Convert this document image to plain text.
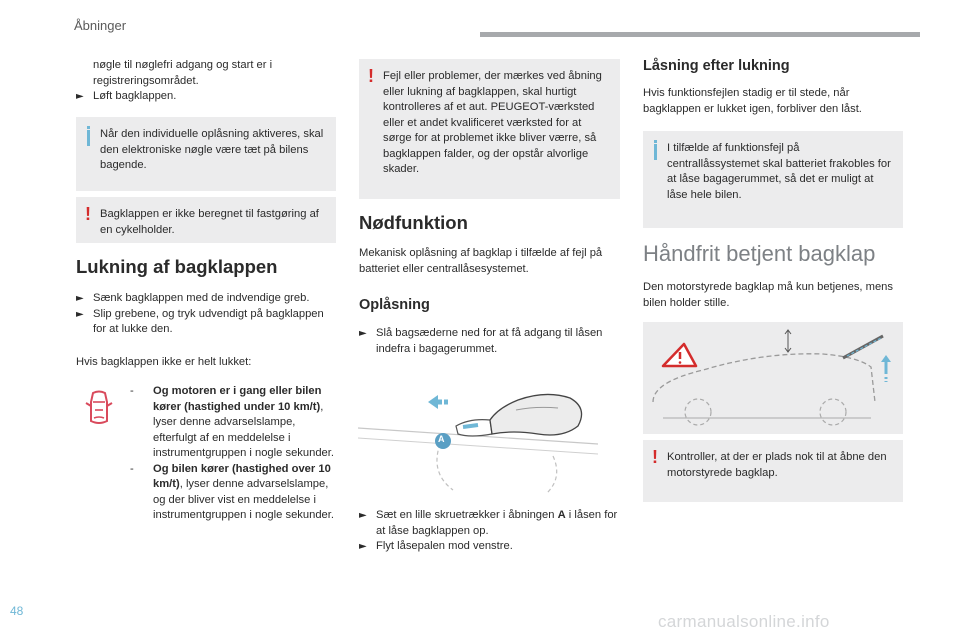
Åbninger

nøgle til nøglefri adgang og start er i

registreringsområdet.

► Løft bagklappen.
Når den individuelle oplåsning aktiveres, skal den elektroniske nøgle være tæt på bilens bagende.
! Bagklappen er ikke beregnet til fastgøring af en cykelholder.
Lukning af bagklappen
► Sænk bagklappen med de indvendige greb.
► Slip grebene, og tryk udvendigt på bagklappen for at lukke den.

Hvis bagklappen ikke er helt lukket:

- Og motoren er i gang eller bilen kører (hastighed under 10 km/t), lyser denne advarselslampe, efterfulgt af en meddelelse i instrumentgruppen i nogle sekunder.
- Og bilen kører (hastighed over 10 km/t), lyser denne advarselslampe, og der bliver vist en meddelelse i instrumentgruppen i nogle sekunder.
! Fejl eller problemer, der mærkes ved åbning eller lukning af bagklappen, skal hurtigt kontrolleres af et aut. PEUGEOT-værksted eller et andet kvalificeret værksted for at sørge for at problemet ikke bliver værre, så bagklappen falder, og der opstår alvorlige skader.
Nødfunktion

Mekanisk oplåsning af bagklap i tilfælde af fejl på batteriet eller centrallåsesystemet.

Oplåsning
► Slå bagsæderne ned for at få adgang til låsen indefra i bagagerummet.
A
► Sæt en lille skruetrækker i åbningen A i låsen for at låse bagklappen op.
► Flyt låsepalen mod venstre.
Låsning efter lukning

Hvis funktionsfejlen stadig er til stede, når bagklappen er lukket igen, forbliver den låst.

I tilfælde af funktionsfejl på centrallåssystemet skal batteriet frakobles for at låse bagagerummet, så det er muligt at låse hele bilen.
Håndfrit betjent bagklap

Den motorstyrede bagklap må kun betjenes, mens bilen holder stille.

! Kontroller, at der er plads nok til at åbne den motorstyrede bagklap.
48
carmanualsonline.info
